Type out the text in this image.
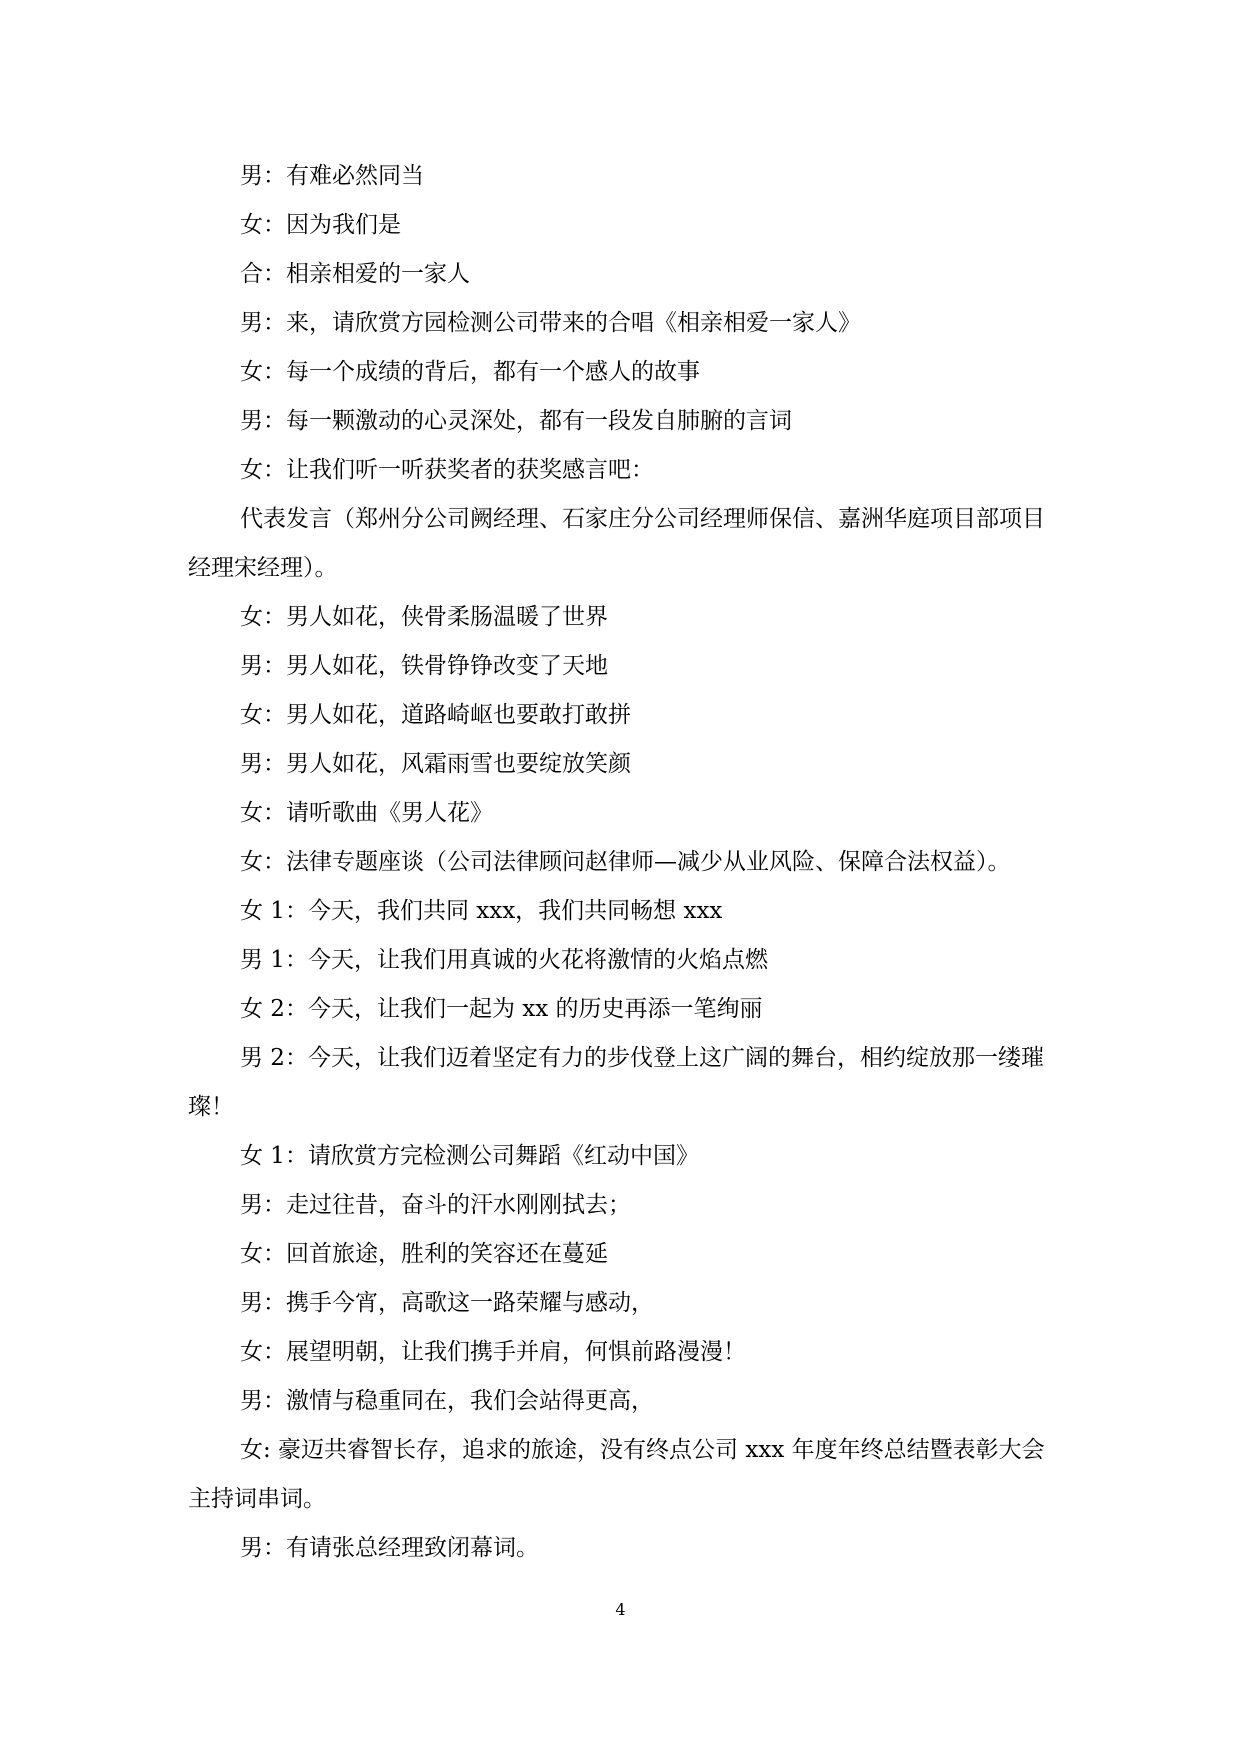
男：有难必然同当

女：因为我们是

合：相亲相爱的一家人

男：来，请欣赏方园检测公司带来的合唱《相亲相爱一家人》

女：每一个成绩的背后，都有一个感人的故事

男：每一颗激动的心灵深处，都有一段发自肺腑的言词

女：让我们听一听获奖者的获奖感言吧：

代表发言（郑州分公司阙经理、石家庄分公司经理师保信、嘉洲华庭项目部项目经理宋经理）。

女：男人如花，侠骨柔肠温暖了世界

男：男人如花，铁骨铮铮改变了天地

女：男人如花，道路崎岖也要敢打敢拼

男：男人如花，风霜雨雪也要绽放笑颜

女：请听歌曲《男人花》

女：法律专题座谈（公司法律顾问赵律师—减少从业风险、保障合法权益）。

女 1：今天，我们共同 xxx，我们共同畅想 xxx

男 1：今天，让我们用真诚的火花将激情的火焰点燃

女 2：今天，让我们一起为 xx 的历史再添一笔绚丽

男 2：今天，让我们迈着坚定有力的步伐登上这广阔的舞台，相约绽放那一缕璀璨！

女 1：请欣赏方完检测公司舞蹈《红动中国》

男：走过往昔，奋斗的汗水刚刚拭去；

女：回首旅途，胜利的笑容还在蔓延

男：携手今宵，高歌这一路荣耀与感动，

女：展望明朝，让我们携手并肩，何惧前路漫漫！

男：激情与稳重同在，我们会站得更高，

女: 豪迈共睿智长存，追求的旅途，没有终点公司 xxx 年度年终总结暨表彰大会主持词串词。

男：有请张总经理致闭幕词。

4
